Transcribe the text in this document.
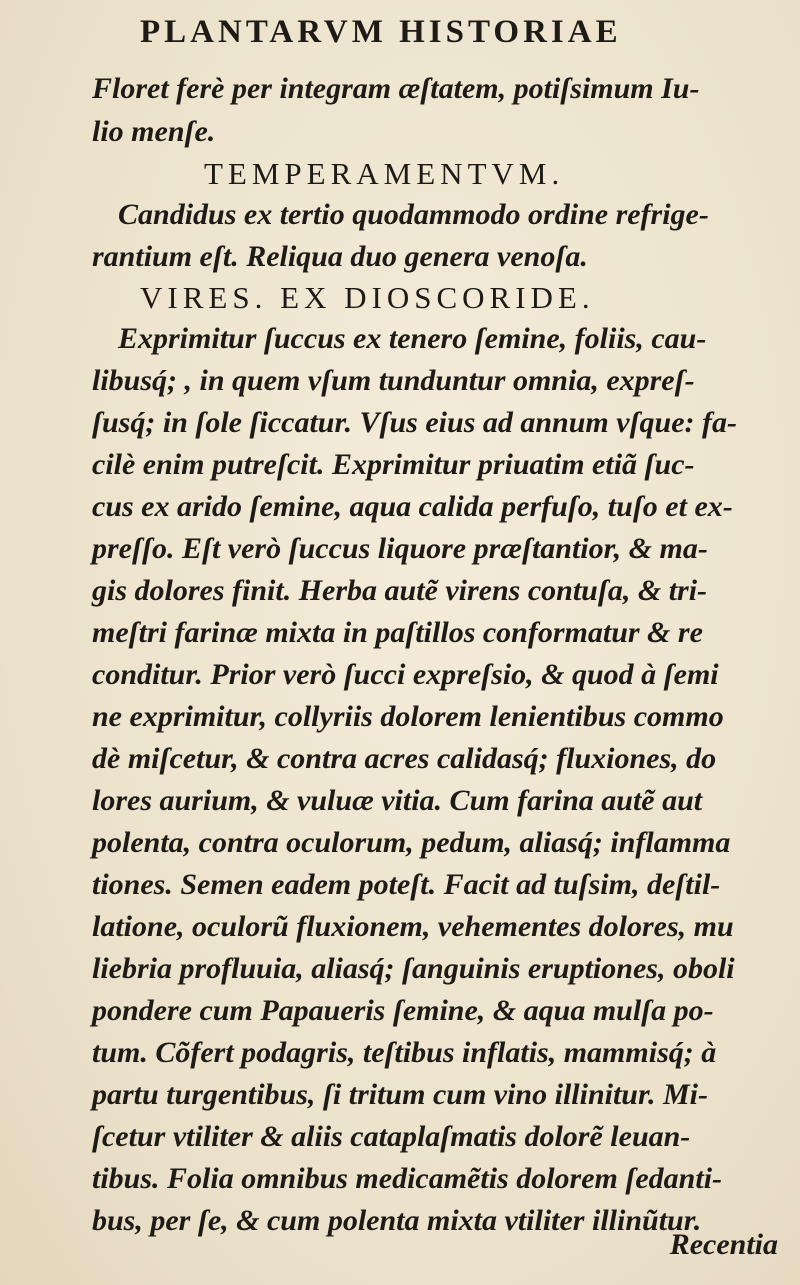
PLANTARVM HISTORIAE
Floret ferè per integram æſtatem, potiſsimum Iu-
lio menſe.
TEMPERAMENTVM.
Candidus ex tertio quodammodo ordine refrige-
rantium eſt. Reliqua duo genera venoſa.
VIRES. EX DIOSCORIDE.
Exprimitur ſuccus ex tenero ſemine, foliis, cau-
libusq́; , in quem vſum tunduntur omnia, expreſ-
ſusq́; in ſole ſiccatur. Vſus eius ad annum vſque: fa-
cilè enim putreſcit. Exprimitur priuatim etiã ſuc-
cus ex arido ſemine, aqua calida perfuſo, tuſo et ex-
preſſo. Eſt verò ſuccus liquore præſtantior, & ma-
gis dolores finit. Herba autẽ virens contuſa, & tri-
meſtri farinæ mixta in paſtillos conformatur & re
conditur. Prior verò ſucci expreſsio, & quod à ſemi
ne exprimitur, collyriis dolorem lenientibus commo
dè miſcetur, & contra acres calidasq́; fluxiones, do
lores aurium, & vuluæ vitia. Cum farina autẽ aut
polenta, contra oculorum, pedum, aliasq́; inflamma
tiones. Semen eadem poteſt. Facit ad tuſsim, deſtil-
latione, oculorũ fluxionem, vehementes dolores, mu
liebria profluuia, aliasq́; ſanguinis eruptiones, oboli
pondere cum Papaueris ſemine, & aqua mulſa po-
tum. Cõfert podagris, teſtibus inflatis, mammisq́; à
partu turgentibus, ſi tritum cum vino illinitur. Mi-
ſcetur vtiliter & aliis cataplaſmatis dolorẽ leuan-
tibus. Folia omnibus medicamẽtis dolorem ſedanti-
bus, per ſe, & cum polenta mixta vtiliter illinũtur.
Recentia
